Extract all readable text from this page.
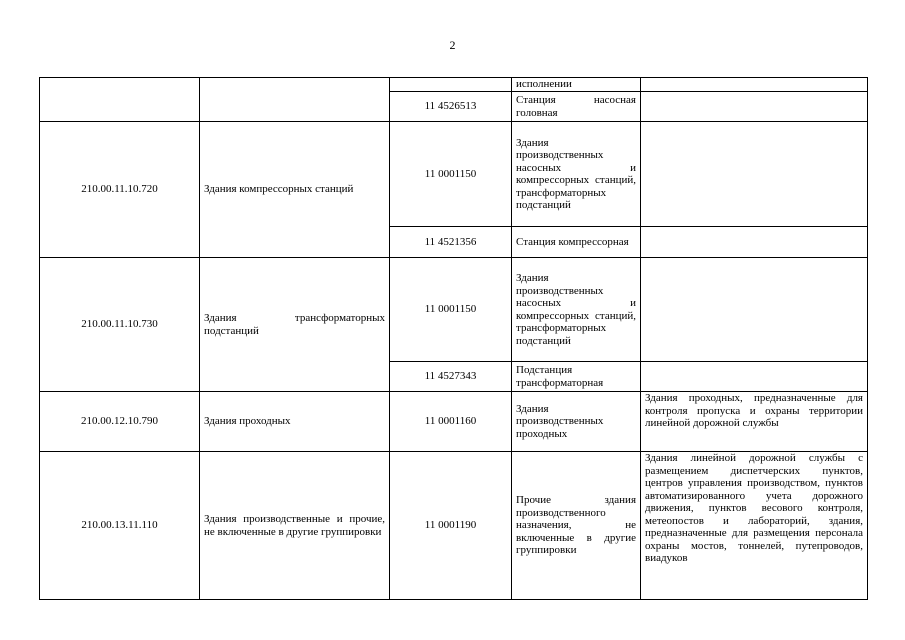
2
			исполнении	
		11 4526513	Станция насосная головная	
210.00.11.10.720	Здания компрессорных станций	11 0001150	Здания производственных насосных и компрессорных станций, трансформаторных подстанций	
		11 4521356	Станция компрессорная	
210.00.11.10.730	Здания трансформаторных подстанций	11 0001150	Здания производственных насосных и компрессорных станций, трансформаторных подстанций	
		11 4527343	Подстанция трансформаторная	
210.00.12.10.790	Здания проходных	11 0001160	Здания производственных проходных	Здания проходных, предназначенные для контроля пропуска и охраны территории линейной дорожной службы
210.00.13.11.110	Здания производственные и прочие, не включенные в другие группировки	11 0001190	Прочие здания производственного назначения, не включенные в другие группировки	Здания линейной дорожной службы с размещением диспетчерских пунктов, центров управления производством, пунктов автоматизированного учета дорожного движения, пунктов весового контроля, метеопостов и лабораторий, здания, предназначенные для размещения персонала охраны мостов, тоннелей, путепроводов, виадуков
